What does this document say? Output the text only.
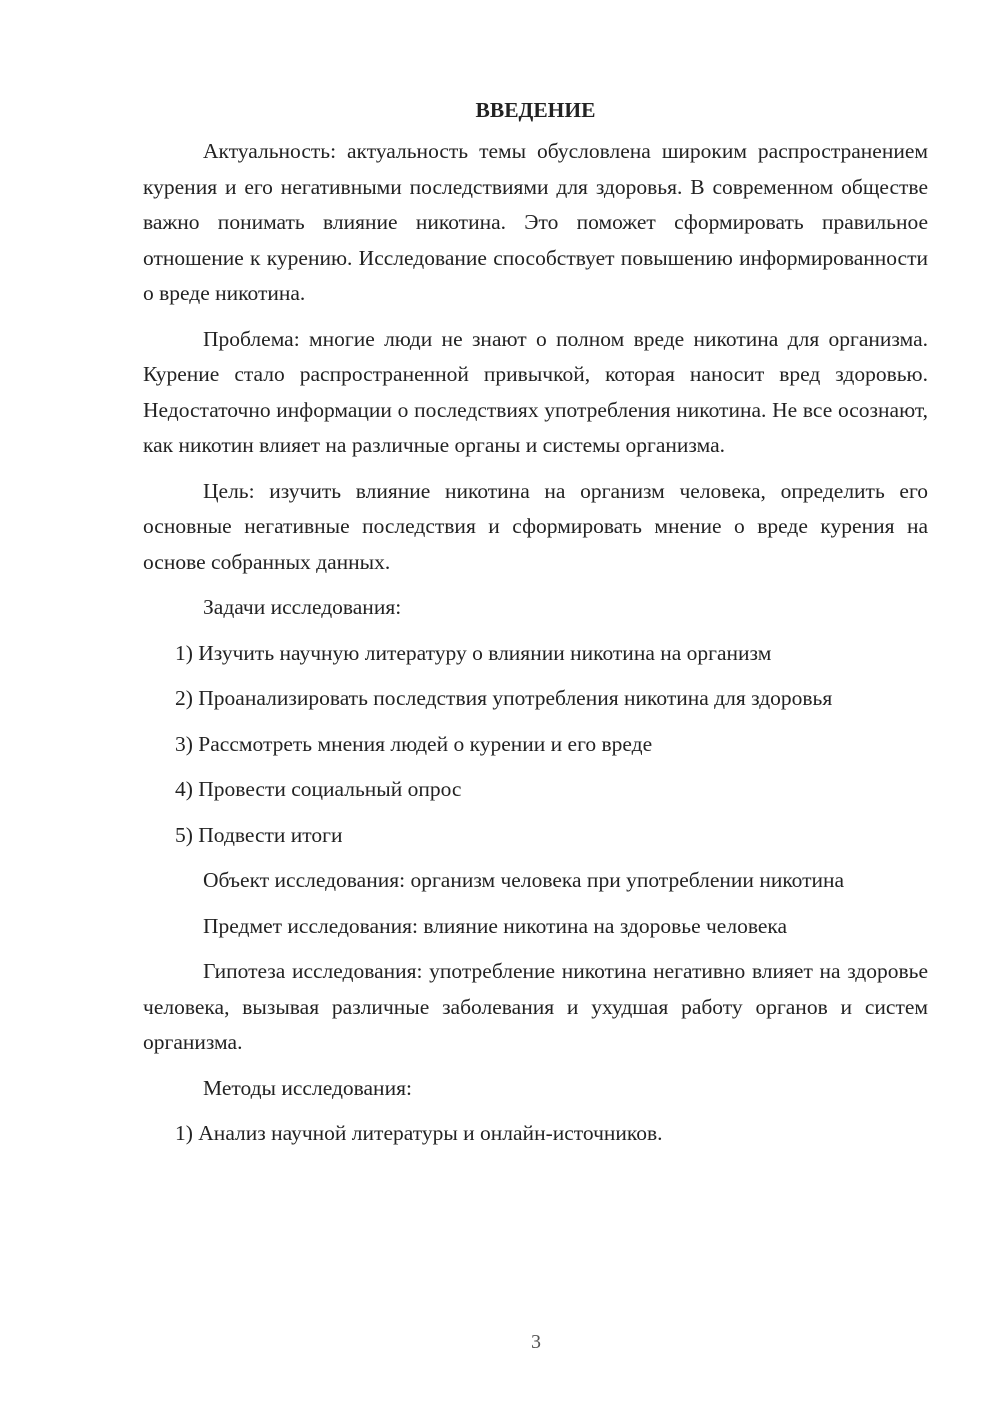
ВВЕДЕНИЕ

Актуальность: актуальность темы обусловлена широким распространением курения и его негативными последствиями для здоровья. В современном обществе важно понимать влияние никотина. Это поможет сформировать правильное отношение к курению. Исследование способствует повышению информированности о вреде никотина.

Проблема: многие люди не знают о полном вреде никотина для организма. Курение стало распространенной привычкой, которая наносит вред здоровью. Недостаточно информации о последствиях употребления никотина. Не все осознают, как никотин влияет на различные органы и системы организма.

Цель: изучить влияние никотина на организм человека, определить его основные негативные последствия и сформировать мнение о вреде курения на основе собранных данных.

Задачи исследования:

1) Изучить научную литературу о влиянии никотина на организм

2) Проанализировать последствия употребления никотина для здоровья

3) Рассмотреть мнения людей о курении и его вреде

4) Провести социальный опрос

5) Подвести итоги

Объект исследования: организм человека при употреблении никотина

Предмет исследования: влияние никотина на здоровье человека

Гипотеза исследования: употребление никотина негативно влияет на здоровье человека, вызывая различные заболевания и ухудшая работу органов и систем организма.

Методы исследования:

1) Анализ научной литературы и онлайн-источников.

3
